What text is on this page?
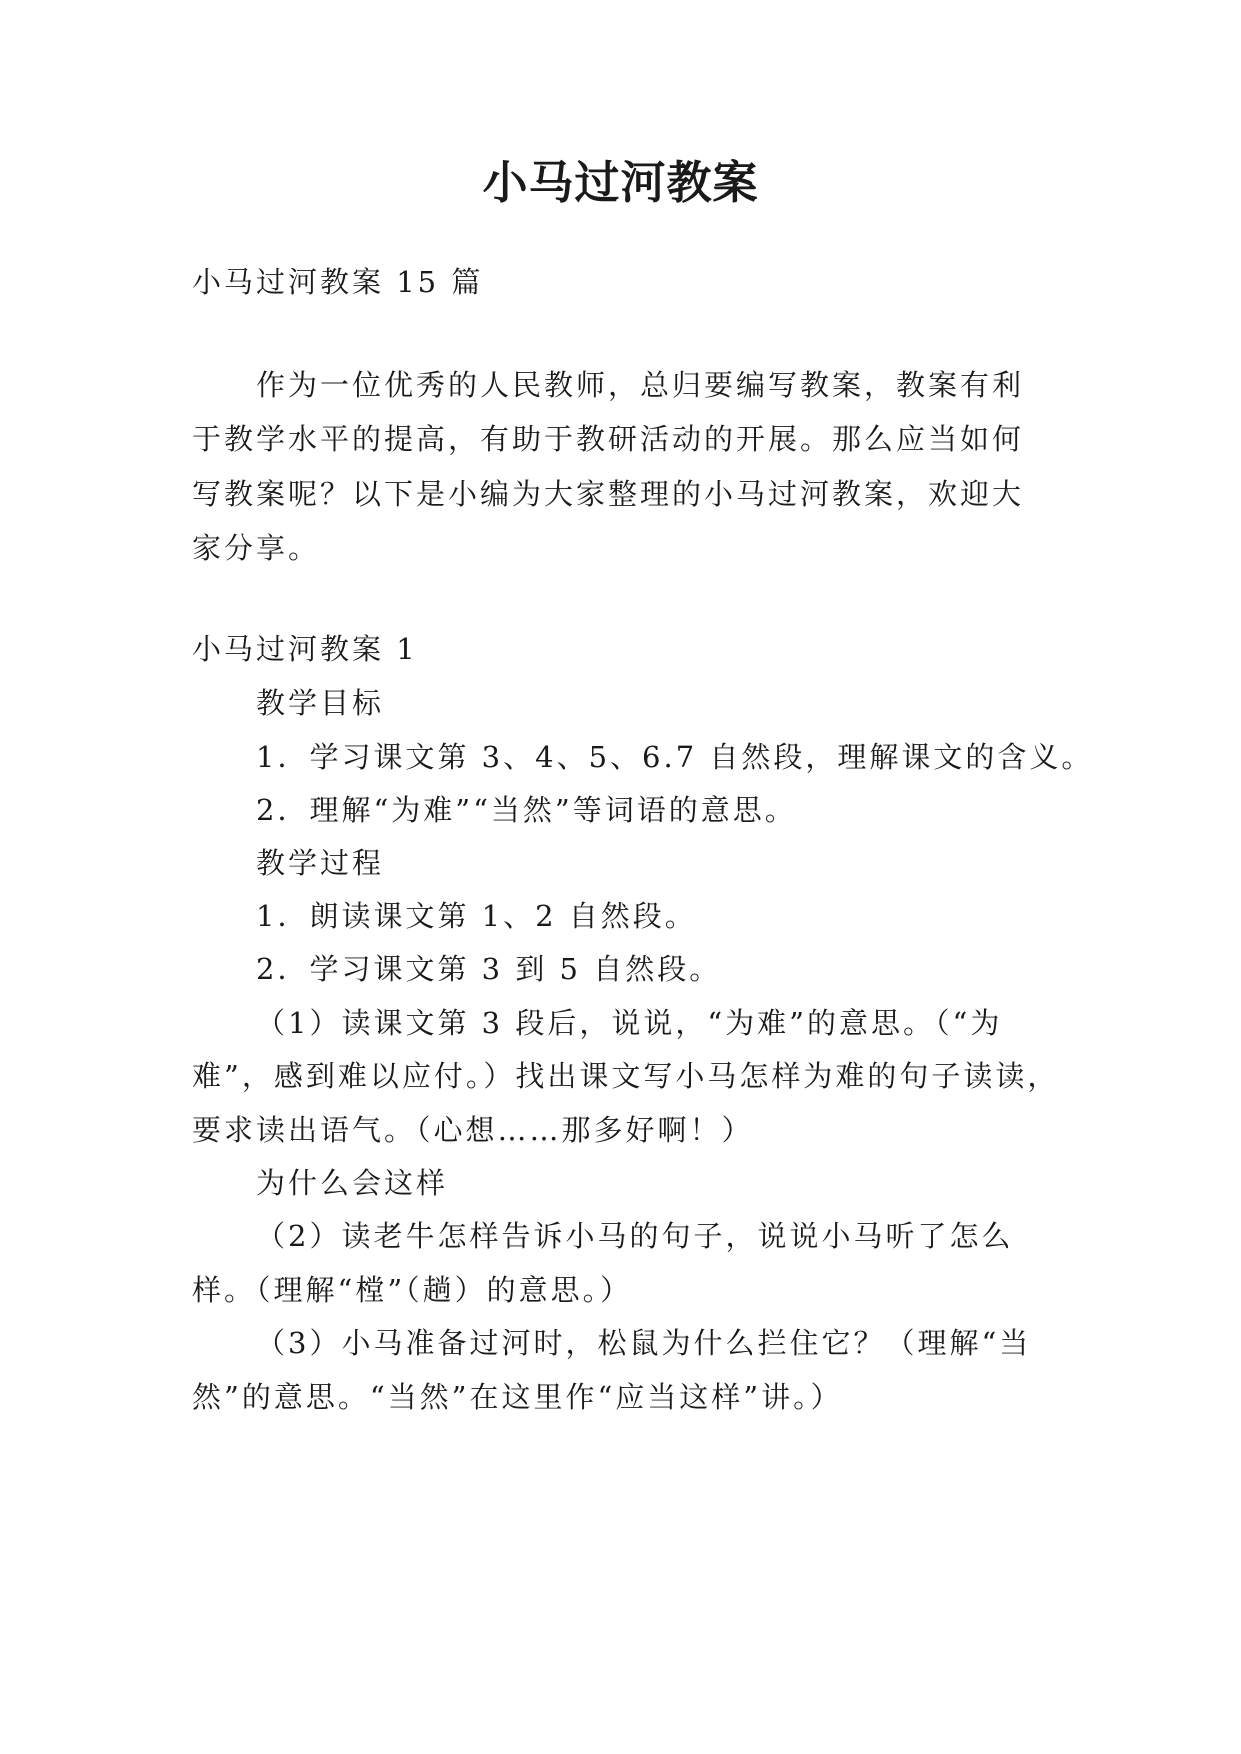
小马过河教案
小马过河教案 15 篇
作为一位优秀的人民教师，总归要编写教案，教案有利
于教学水平的提高，有助于教研活动的开展。那么应当如何
写教案呢？以下是小编为大家整理的小马过河教案，欢迎大
家分享。
小马过河教案 1
教学目标
1．学习课文第 3、4、5、6.7 自然段，理解课文的含义。
2．理解“为难”“当然”等词语的意思。
教学过程
1．朗读课文第 1、2 自然段。
2．学习课文第 3 到 5 自然段。
（1）读课文第 3 段后，说说，“为难”的意思。（“为
难”，感到难以应付。）找出课文写小马怎样为难的句子读读，
要求读出语气。（心想……那多好啊！）
为什么会这样
（2）读老牛怎样告诉小马的句子，说说小马听了怎么
样。（理解“樘”（趟）的意思。）
（3）小马准备过河时，松鼠为什么拦住它？（理解“当
然”的意思。“当然”在这里作“应当这样”讲。）
